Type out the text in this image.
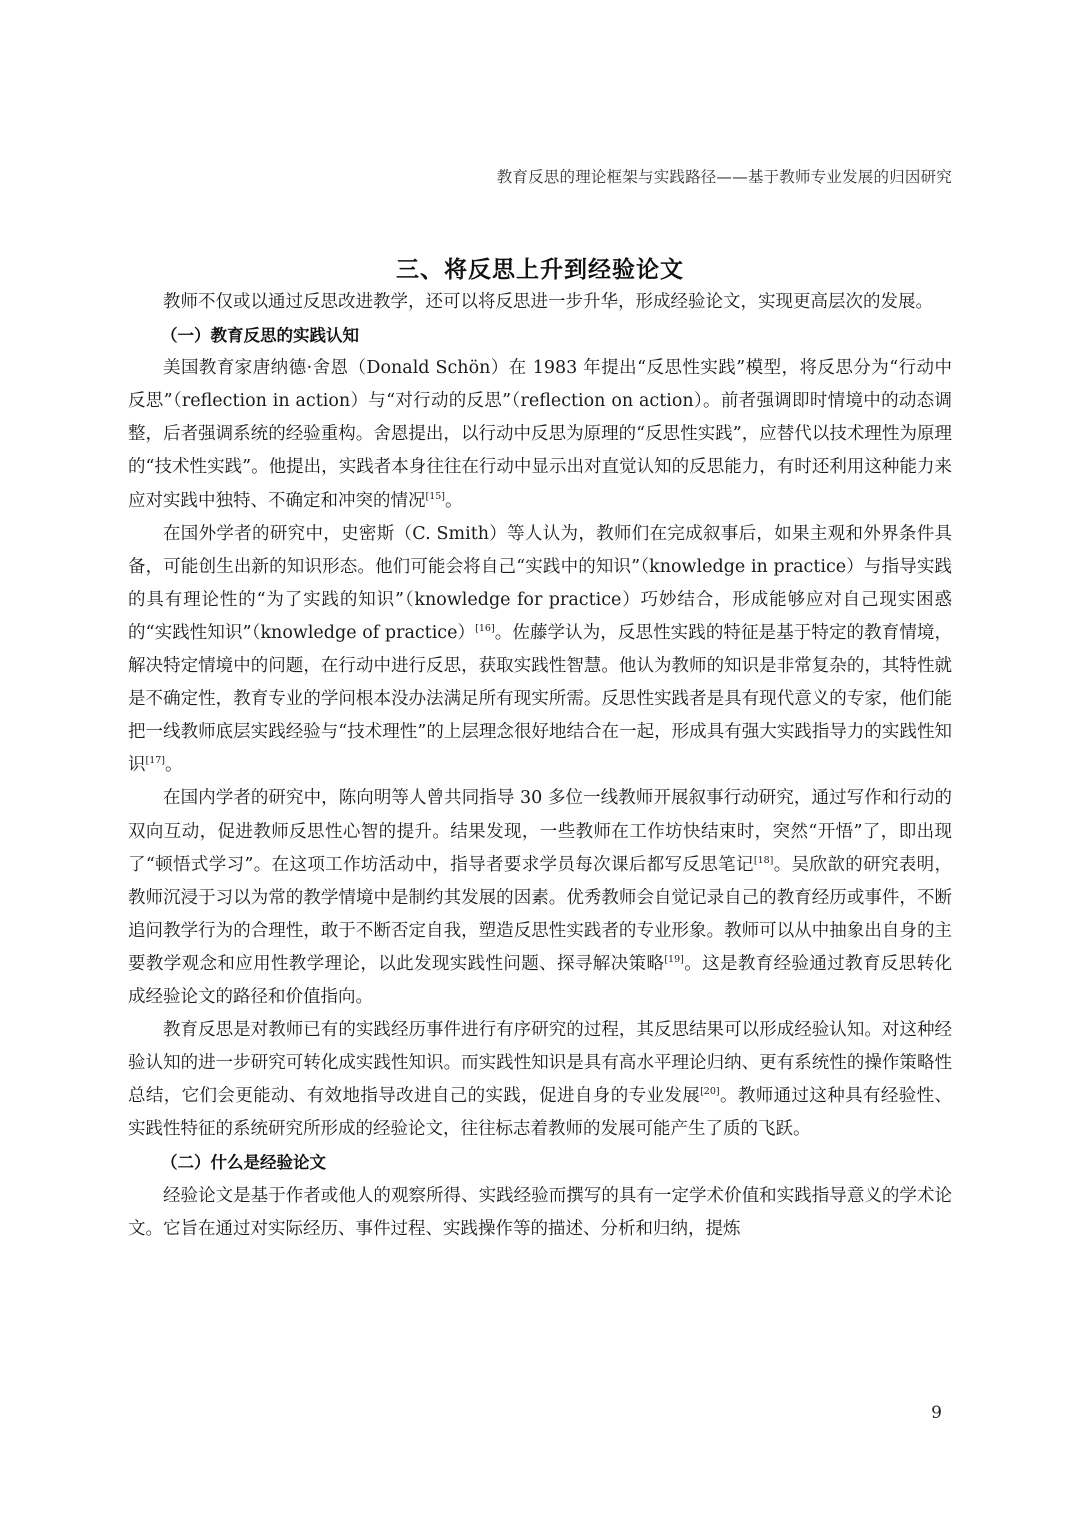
教育反思的理论框架与实践路径——基于教师专业发展的归因研究
三、将反思上升到经验论文

教师不仅或以通过反思改进教学，还可以将反思进一步升华，形成经验论文，实现更高层次的发展。

（一）教育反思的实践认知

美国教育家唐纳德·舍恩（Donald Schön）在 1983 年提出“反思性实践”模型，将反思分为“行动中反思”（reflection in action）与“对行动的反思”（reflection on action）。前者强调即时情境中的动态调整，后者强调系统的经验重构。舍恩提出，以行动中反思为原理的“反思性实践”，应替代以技术理性为原理的“技术性实践”。他提出，实践者本身往往在行动中显示出对直觉认知的反思能力，有时还利用这种能力来应对实践中独特、不确定和冲突的情况[15]。

在国外学者的研究中，史密斯（C. Smith）等人认为，教师们在完成叙事后，如果主观和外界条件具备，可能创生出新的知识形态。他们可能会将自己“实践中的知识”（knowledge in practice）与指导实践的具有理论性的“为了实践的知识”（knowledge for practice）巧妙结合，形成能够应对自己现实困惑的“实践性知识”（knowledge of practice）[16]。佐藤学认为，反思性实践的特征是基于特定的教育情境，解决特定情境中的问题，在行动中进行反思，获取实践性智慧。他认为教师的知识是非常复杂的，其特性就是不确定性，教育专业的学问根本没办法满足所有现实所需。反思性实践者是具有现代意义的专家，他们能把一线教师底层实践经验与“技术理性”的上层理念很好地结合在一起，形成具有强大实践指导力的实践性知识[17]。

在国内学者的研究中，陈向明等人曾共同指导 30 多位一线教师开展叙事行动研究，通过写作和行动的双向互动，促进教师反思性心智的提升。结果发现，一些教师在工作坊快结束时，突然“开悟”了，即出现了“顿悟式学习”。在这项工作坊活动中，指导者要求学员每次课后都写反思笔记[18]。吴欣歆的研究表明，教师沉浸于习以为常的教学情境中是制约其发展的因素。优秀教师会自觉记录自己的教育经历或事件，不断追问教学行为的合理性，敢于不断否定自我，塑造反思性实践者的专业形象。教师可以从中抽象出自身的主要教学观念和应用性教学理论，以此发现实践性问题、探寻解决策略[19]。这是教育经验通过教育反思转化成经验论文的路径和价值指向。

教育反思是对教师已有的实践经历事件进行有序研究的过程，其反思结果可以形成经验认知。对这种经验认知的进一步研究可转化成实践性知识。而实践性知识是具有高水平理论归纳、更有系统性的操作策略性总结，它们会更能动、有效地指导改进自己的实践，促进自身的专业发展[20]。教师通过这种具有经验性、实践性特征的系统研究所形成的经验论文，往往标志着教师的发展可能产生了质的飞跃。

（二）什么是经验论文

经验论文是基于作者或他人的观察所得、实践经验而撰写的具有一定学术价值和实践指导意义的学术论文。它旨在通过对实际经历、事件过程、实践操作等的描述、分析和归纳，提炼

9
